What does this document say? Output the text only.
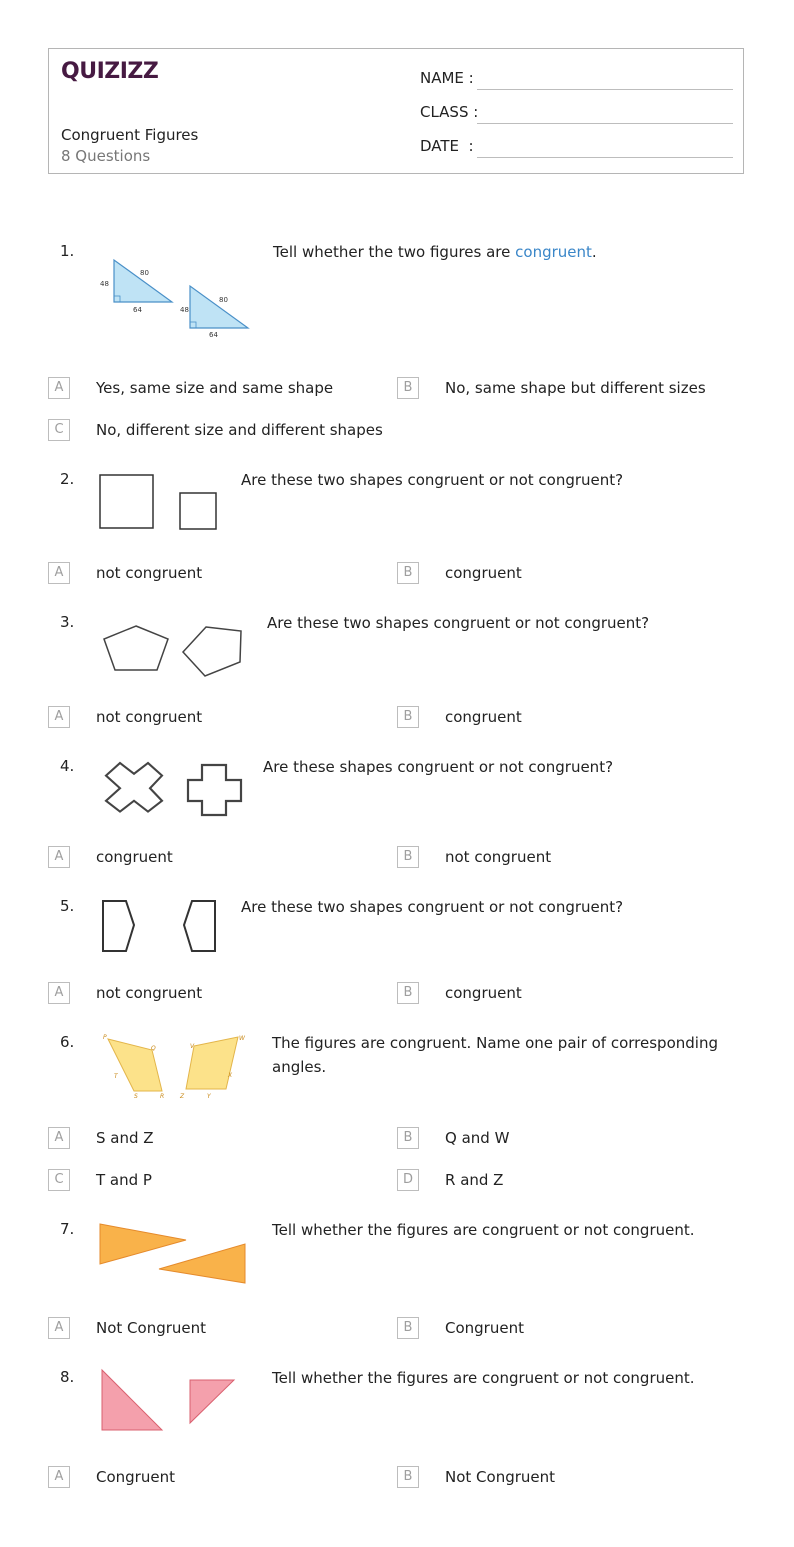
QUIZIZZ
Congruent Figures
8 Questions
NAME :
CLASS :
DATE  :
1.
48
80
64	48
80
64
Tell whether the two figures are congruent.
A	Yes, same size and same shape	B	No, same shape but different sizes
C	No, different size and different shapes
2.	Are these two shapes congruent or not congruent?
A	not congruent	B	congruent
3.	Are these two shapes congruent or not congruent?
A	not congruent	B	congruent
4.	Are these shapes congruent or not congruent?
A	congruent	B	not congruent
5.	Are these two shapes congruent or not congruent?
A	not congruent	B	congruent
6.	P
Q
T
S	R
V
W
X
Z	Y
The figures are congruent. Name one pair of corresponding
angles.
A	S and Z	B	Q and W
C	T and P	D	R and Z
7.	Tell whether the figures are congruent or not congruent.
A	Not Congruent	B	Congruent
8.	Tell whether the figures are congruent or not congruent.
A	Congruent	B	Not Congruent
